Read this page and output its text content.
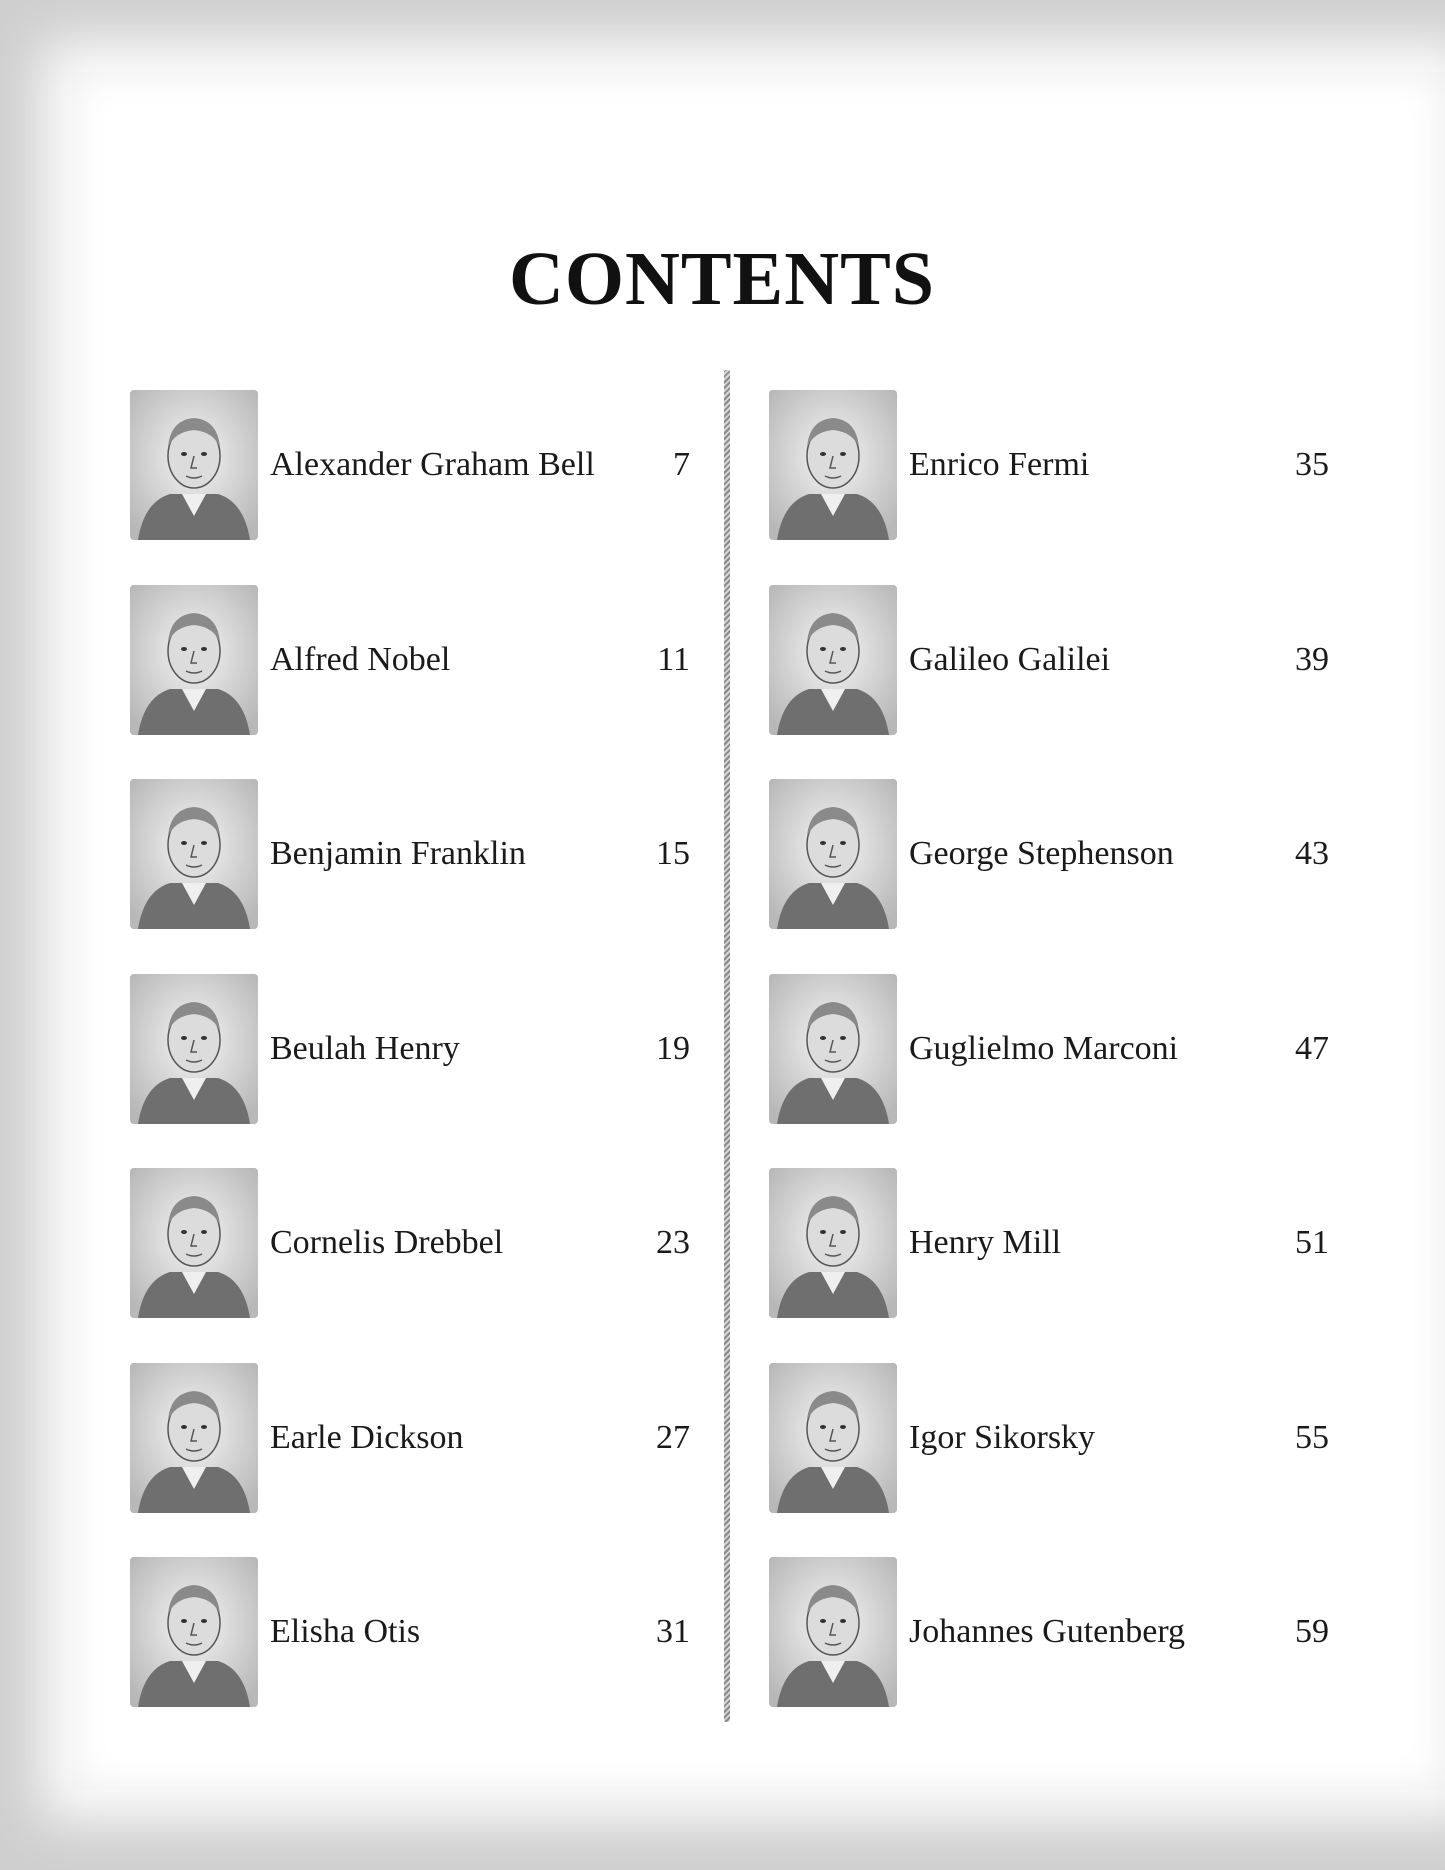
CONTENTS
Alexander Graham Bell 7
Alfred Nobel	11
Benjamin Franklin	15
Beulah Henry	19
Cornelis Drebbel	23
Earle Dickson	27
Elisha Otis	31
Enrico Fermi	35
Galileo Galilei	39
George Stephenson	43
Guglielmo Marconi	47
Henry Mill	51
Igor Sikorsky	55
Johannes Gutenberg	59
